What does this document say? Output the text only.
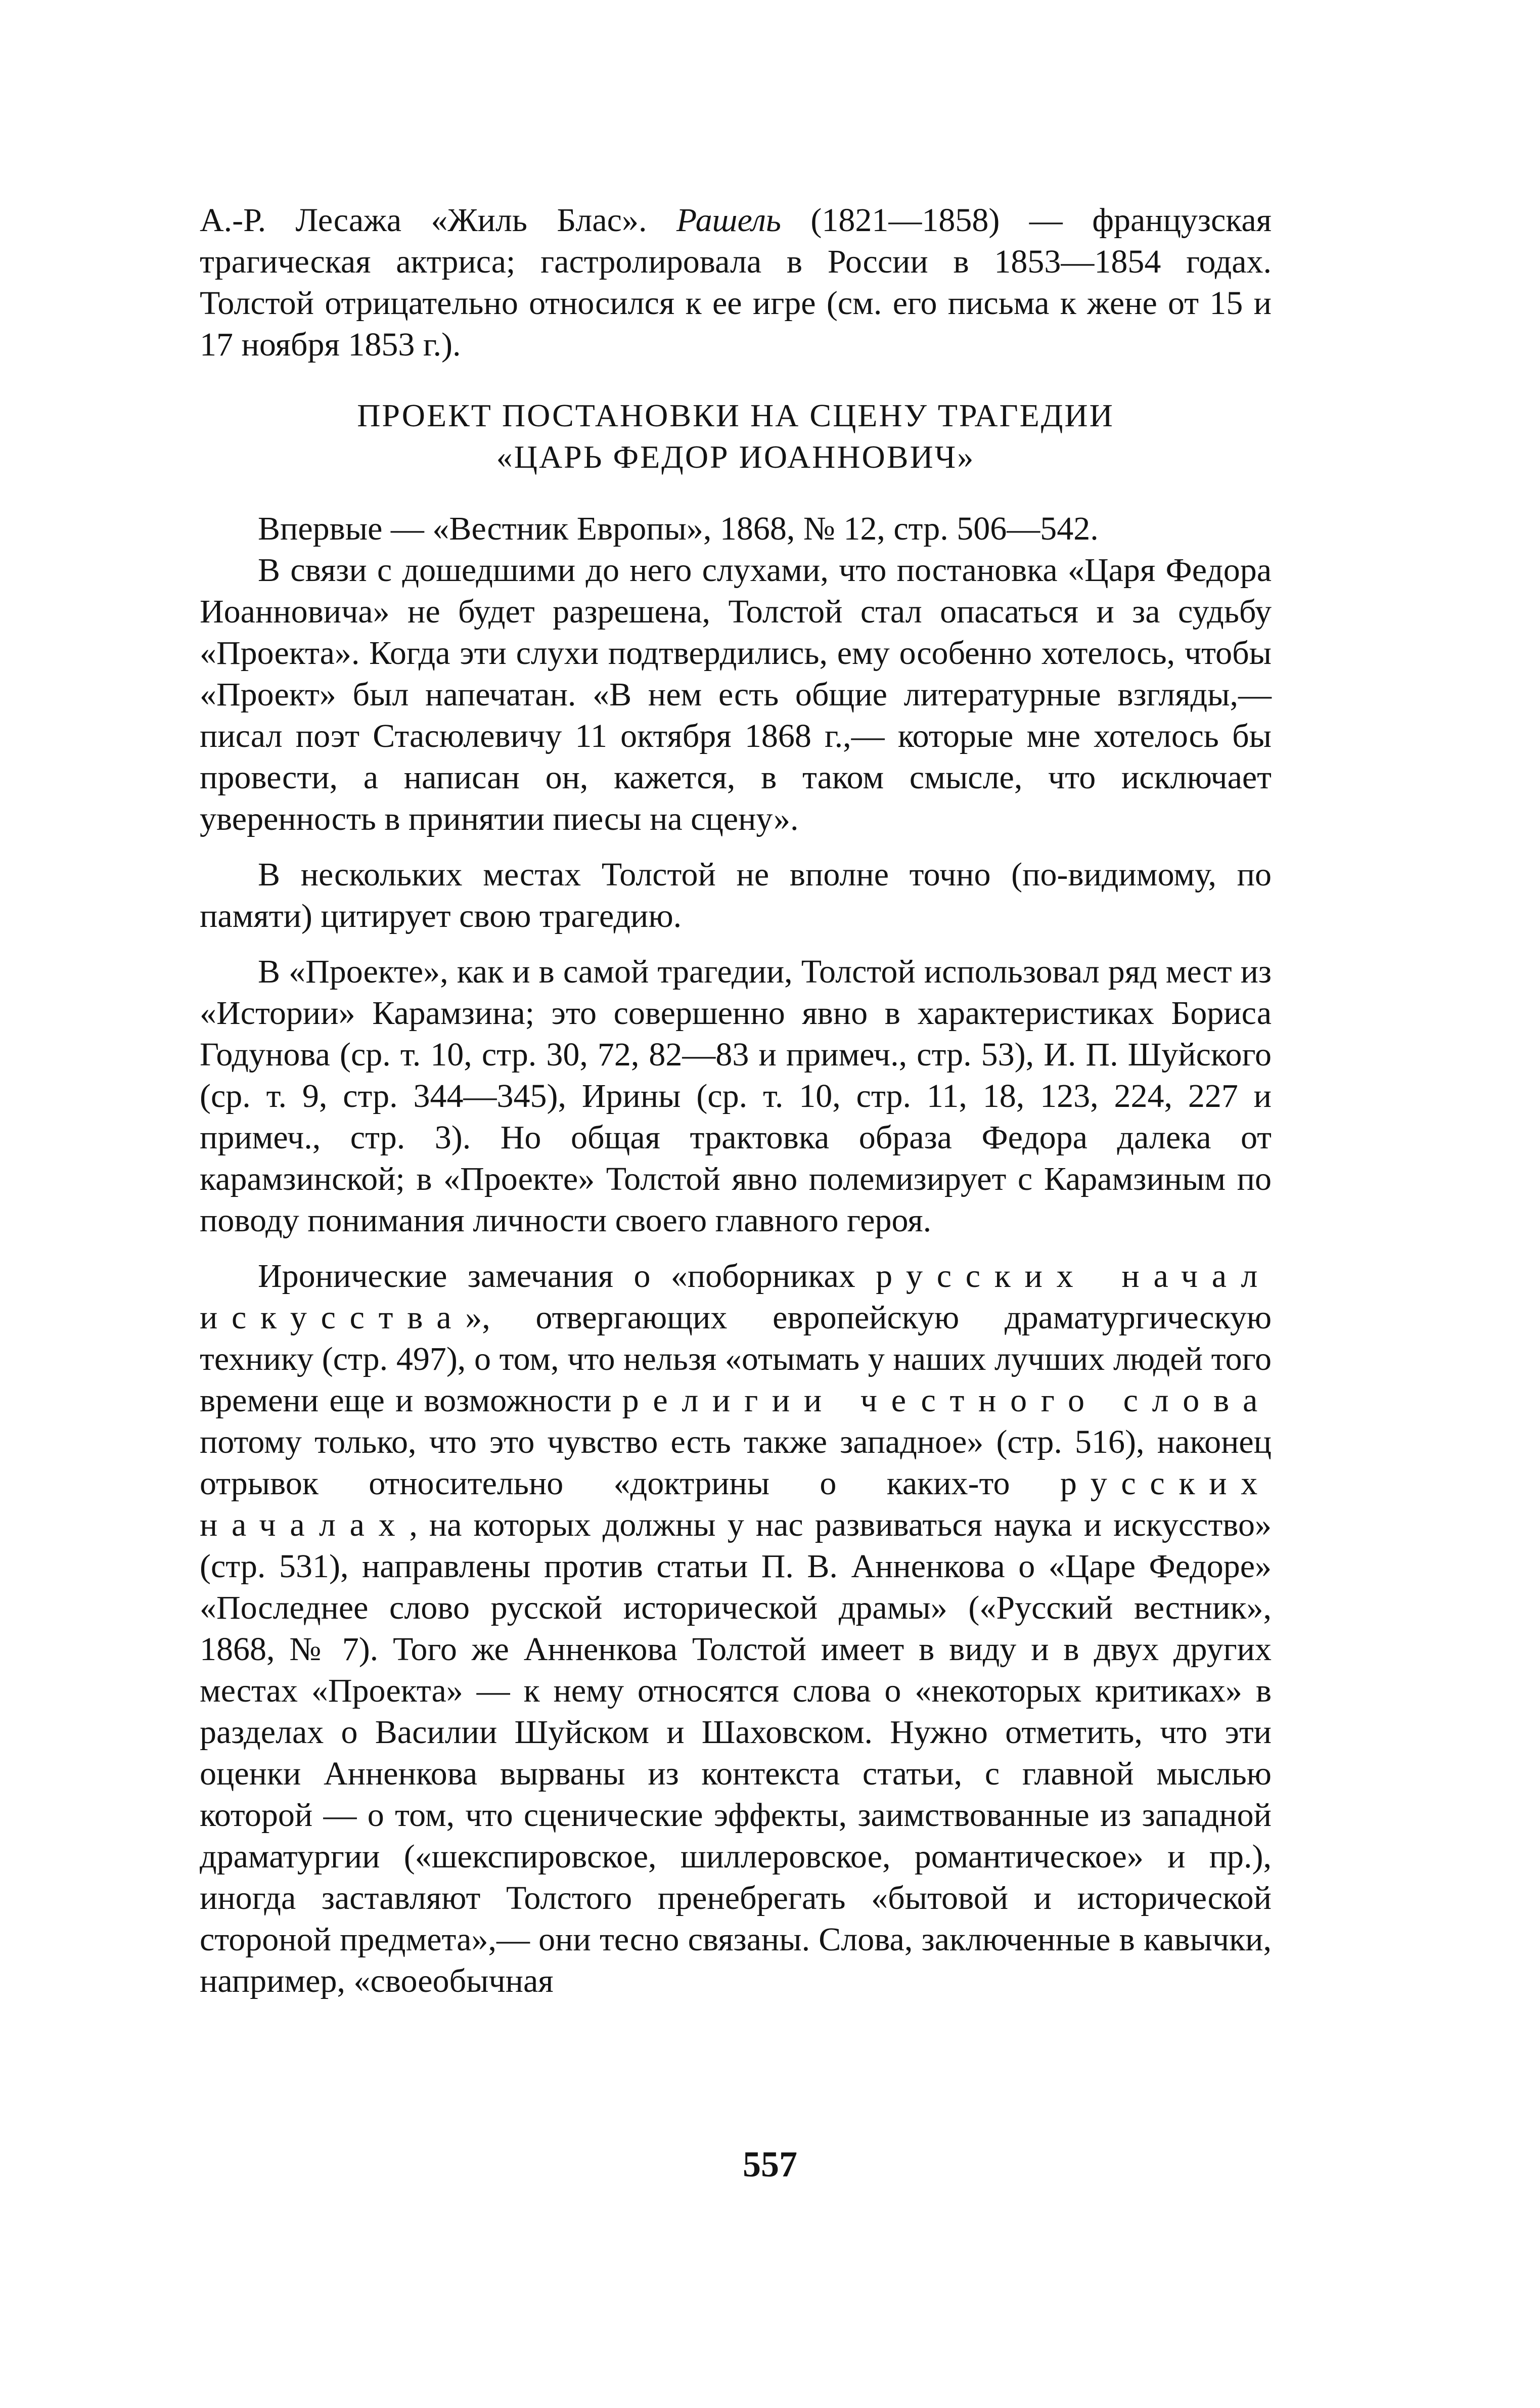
А.-Р. Лесажа «Жиль Блас». Рашель (1821—1858) — французская трагическая актриса; гастролировала в России в 1853—1854 годах. Толстой отрицательно относился к ее игре (см. его письма к жене от 15 и 17 ноября 1853 г.).

ПРОЕКТ ПОСТАНОВКИ НА СЦЕНУ ТРАГЕДИИ

«ЦАРЬ ФЕДОР ИОАННОВИЧ»

Впервые — «Вестник Европы», 1868, № 12, стр. 506—542.

В связи с дошедшими до него слухами, что постановка «Царя Федора Иоанновича» не будет разрешена, Толстой стал опасаться и за судьбу «Проекта». Когда эти слухи подтвердились, ему особенно хотелось, чтобы «Проект» был напечатан. «В нем есть общие литературные взгляды,— писал поэт Стасюлевичу 11 октября 1868 г.,— которые мне хотелось бы провести, а написан он, кажется, в таком смысле, что исключает уверенность в принятии пиесы на сцену».

В нескольких местах Толстой не вполне точно (по-видимому, по памяти) цитирует свою трагедию.

В «Проекте», как и в самой трагедии, Толстой использовал ряд мест из «Истории» Карамзина; это совершенно явно в характеристиках Бориса Годунова (ср. т. 10, стр. 30, 72, 82—83 и примеч., стр. 53), И. П. Шуйского (ср. т. 9, стр. 344—345), Ирины (ср. т. 10, стр. 11, 18, 123, 224, 227 и примеч., стр. 3). Но общая трактовка образа Федора далека от карамзинской; в «Проекте» Толстой явно полемизирует с Карамзиным по поводу понимания личности своего главного героя.

Иронические замечания о «поборниках русских начал искусства», отвергающих европейскую драматургическую технику (стр. 497), о том, что нельзя «отымать у наших лучших людей того времени еще и возможности религии честного слова потому только, что это чувство есть также западное» (стр. 516), наконец отрывок относительно «доктрины о каких-то русских началах, на которых должны у нас развиваться наука и искусство» (стр. 531), направлены против статьи П. В. Анненкова о «Царе Федоре» «Последнее слово русской исторической драмы» («Русский вестник», 1868, № 7). Того же Анненкова Толстой имеет в виду и в двух других местах «Проекта» — к нему относятся слова о «некоторых критиках» в разделах о Василии Шуйском и Шаховском. Нужно отметить, что эти оценки Анненкова вырваны из контекста статьи, с главной мыслью которой — о том, что сценические эффекты, заимствованные из западной драматургии («шекспировское, шиллеровское, романтическое» и пр.), иногда заставляют Толстого пренебрегать «бытовой и исторической стороной предмета»,— они тесно связаны. Слова, заключенные в кавычки, например, «своеобычная

557
